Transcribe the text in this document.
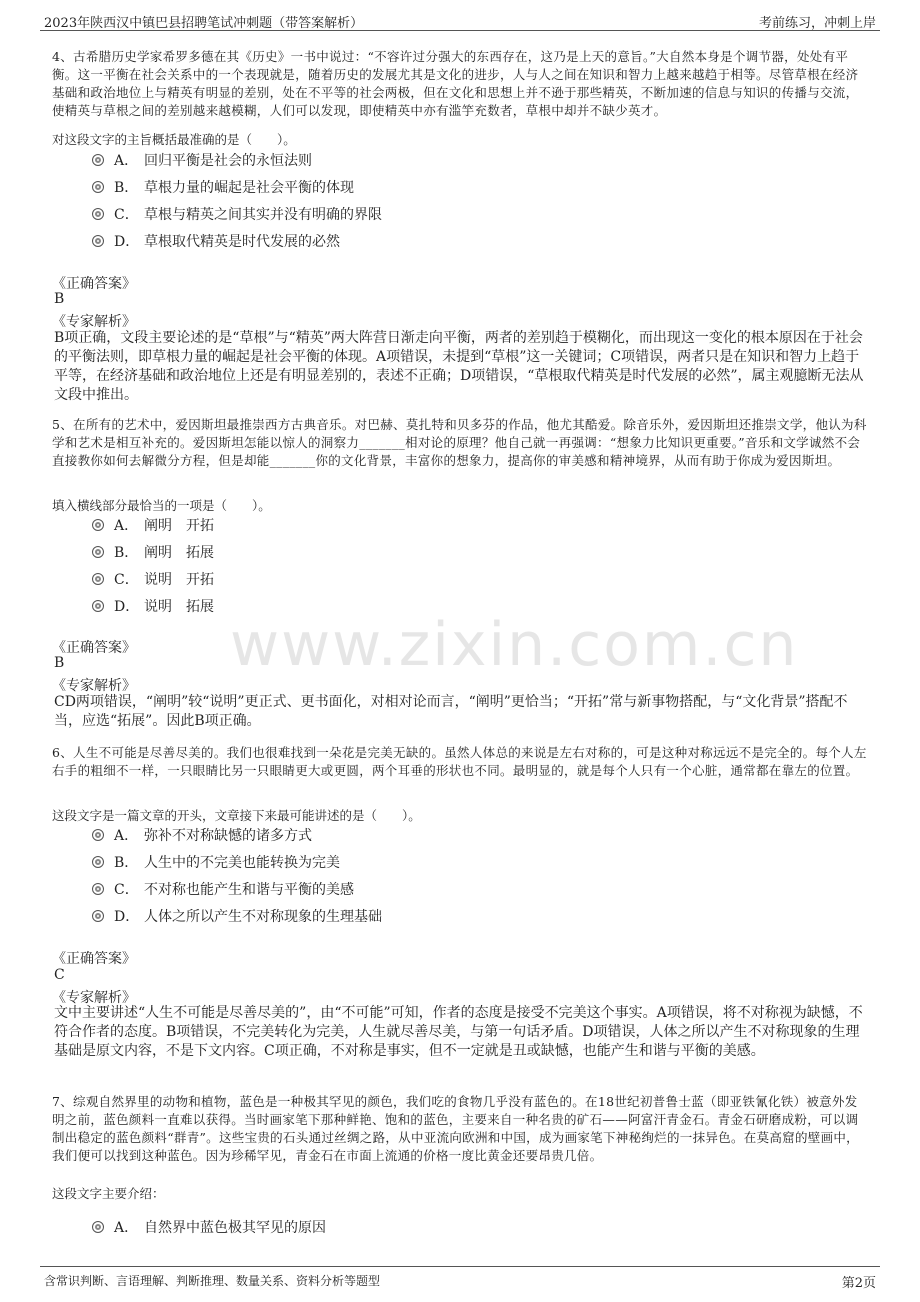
2023年陕西汉中镇巴县招聘笔试冲刺题（带答案解析）	考前练习，冲刺上岸
www.zixin.com.cn
4、古希腊历史学家希罗多德在其《历史》一书中说过：“不容许过分强大的东西存在，这乃是上天的意旨。”大自然本身是个调节器，处处有平衡。这一平衡在社会关系中的一个表现就是，随着历史的发展尤其是文化的进步，人与人之间在知识和智力上越来越趋于相等。尽管草根在经济基础和政治地位上与精英有明显的差别，处在不平等的社会两极，但在文化和思想上并不逊于那些精英，不断加速的信息与知识的传播与交流，使精英与草根之间的差别越来越模糊，人们可以发现，即使精英中亦有滥竽充数者，草根中却并不缺少英才。
对这段文字的主旨概括最准确的是（　　）。
A． 回归平衡是社会的永恒法则
B． 草根力量的崛起是社会平衡的体现
C． 草根与精英之间其实并没有明确的界限
D． 草根取代精英是时代发展的必然
《正确答案》
B
《专家解析》
B项正确，文段主要论述的是“草根”与“精英”两大阵营日渐走向平衡，两者的差别趋于模糊化，而出现这一变化的根本原因在于社会的平衡法则，即草根力量的崛起是社会平衡的体现。A项错误，未提到“草根”这一关键词；C项错误，两者只是在知识和智力上趋于平等，在经济基础和政治地位上还是有明显差别的，表述不正确；D项错误，“草根取代精英是时代发展的必然”，属主观臆断无法从文段中推出。
5、在所有的艺术中，爱因斯坦最推崇西方古典音乐。对巴赫、莫扎特和贝多芬的作品，他尤其酷爱。除音乐外，爱因斯坦还推崇文学，他认为科学和艺术是相互补充的。爱因斯坦怎能以惊人的洞察力_______相对论的原理？他自己就一再强调：“想象力比知识更重要。”音乐和文学诚然不会直接教你如何去解微分方程，但是却能_______你的文化背景，丰富你的想象力，提高你的审美感和精神境界，从而有助于你成为爱因斯坦。
填入横线部分最恰当的一项是（　　）。
A． 阐明　开拓
B． 阐明　拓展
C． 说明　开拓
D． 说明　拓展
《正确答案》
B
《专家解析》
CD两项错误，“阐明”较“说明”更正式、更书面化，对相对论而言，“阐明”更恰当；“开拓”常与新事物搭配，与“文化背景”搭配不当，应选“拓展”。因此B项正确。
6、人生不可能是尽善尽美的。我们也很难找到一朵花是完美无缺的。虽然人体总的来说是左右对称的，可是这种对称远远不是完全的。每个人左右手的粗细不一样，一只眼睛比另一只眼睛更大或更圆，两个耳垂的形状也不同。最明显的，就是每个人只有一个心脏，通常都在靠左的位置。
这段文字是一篇文章的开头，文章接下来最可能讲述的是（　　）。
A． 弥补不对称缺憾的诸多方式
B． 人生中的不完美也能转换为完美
C． 不对称也能产生和谐与平衡的美感
D． 人体之所以产生不对称现象的生理基础
《正确答案》
C
《专家解析》
文中主要讲述“人生不可能是尽善尽美的”，由“不可能”可知，作者的态度是接受不完美这个事实。A项错误，将不对称视为缺憾，不符合作者的态度。B项错误，不完美转化为完美，人生就尽善尽美，与第一句话矛盾。D项错误，人体之所以产生不对称现象的生理基础是原文内容，不是下文内容。C项正确，不对称是事实，但不一定就是丑或缺憾，也能产生和谐与平衡的美感。
7、综观自然界里的动物和植物，蓝色是一种极其罕见的颜色，我们吃的食物几乎没有蓝色的。在18世纪初普鲁士蓝（即亚铁氰化铁）被意外发明之前，蓝色颜料一直难以获得。当时画家笔下那种鲜艳、饱和的蓝色，主要来自一种名贵的矿石——阿富汗青金石。青金石研磨成粉，可以调制出稳定的蓝色颜料“群青”。这些宝贵的石头通过丝绸之路，从中亚流向欧洲和中国，成为画家笔下神秘绚烂的一抹异色。在莫高窟的壁画中，我们便可以找到这种蓝色。因为珍稀罕见，青金石在市面上流通的价格一度比黄金还要昂贵几倍。
这段文字主要介绍：
A． 自然界中蓝色极其罕见的原因
含常识判断、言语理解、判断推理、数量关系、资料分析等题型	第2页
